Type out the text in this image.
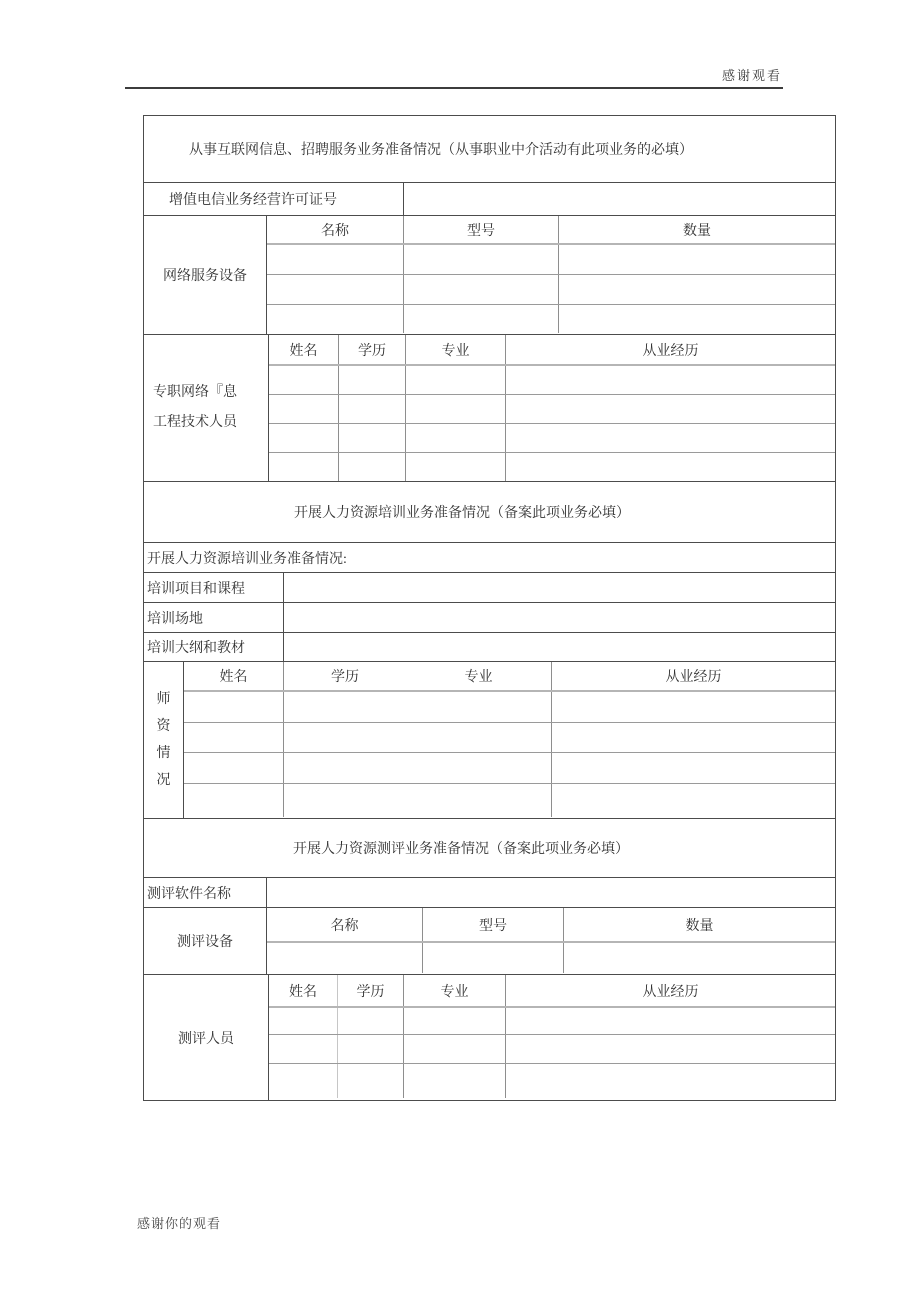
感谢观看
从事互联网信息、招聘服务业务准备情况（从事职业中介活动有此项业务的必填）
增值电信业务经营许可证号
网络服务设备
名称	型号	数量
专职网络『息
工程技术人员
姓名	学历	专业	从业经历
开展人力资源培训业务准备情况（备案此项业务必填）
开展人力资源培训业务准备情况:
培训项目和课程
培训场地
培训大纲和教材
师
资
情
况
姓名	学历	专业	从业经历
开展人力资源测评业务准备情况（备案此项业务必填）
测评软件名称
测评设备
名称	型号	数量
测评人员
姓名	学历	专业	从业经历
感谢你的观看
